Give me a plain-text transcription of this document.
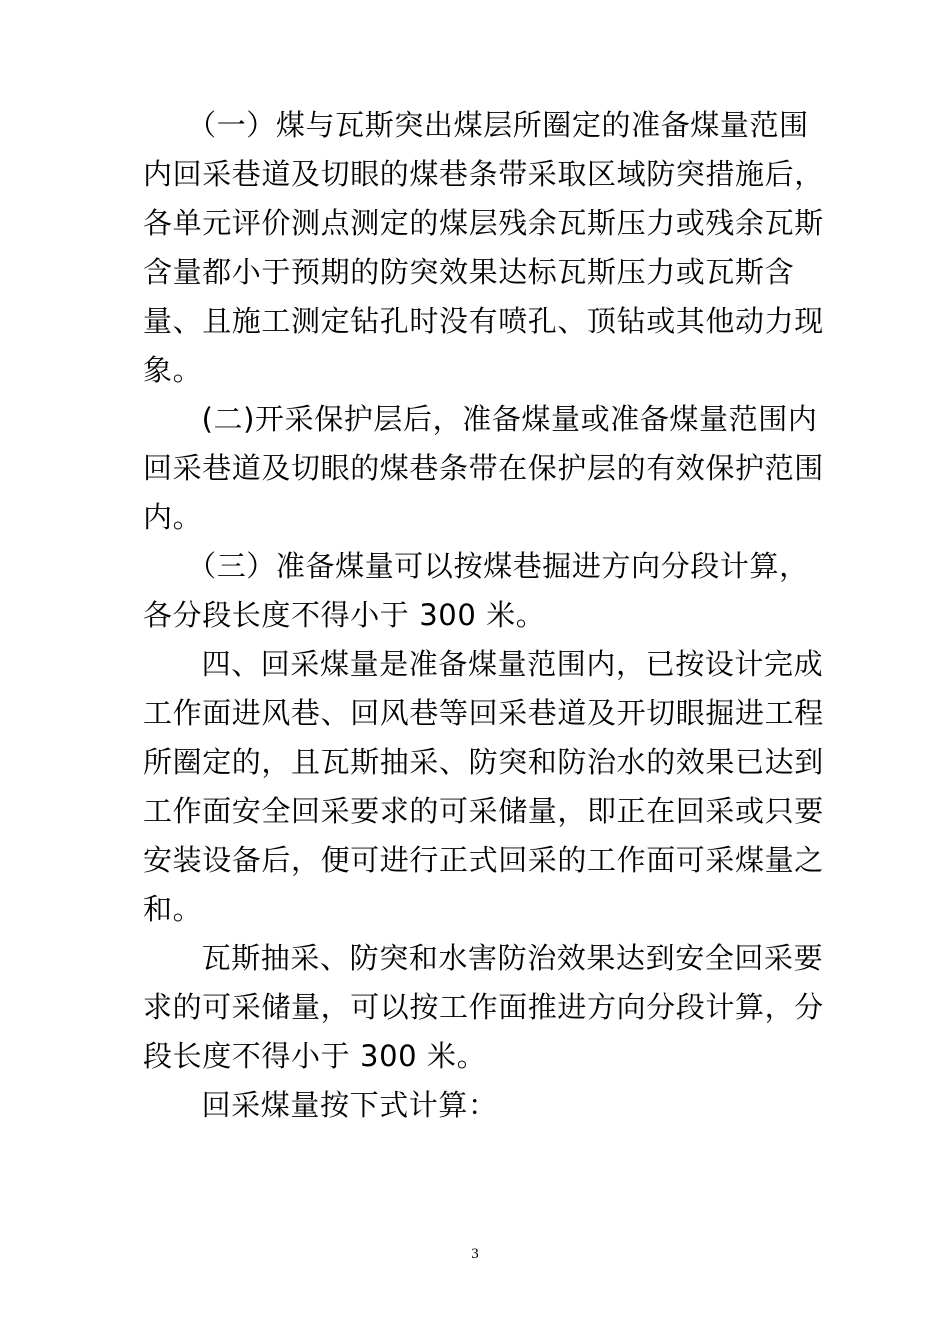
　（一）煤与瓦斯突出煤层所圈定的准备煤量范围
内回采巷道及切眼的煤巷条带采取区域防突措施后，
各单元评价测点测定的煤层残余瓦斯压力或残余瓦斯
含量都小于预期的防突效果达标瓦斯压力或瓦斯含
量、且施工测定钻孔时没有喷孔、顶钻或其他动力现
象。
　(二)开采保护层后，准备煤量或准备煤量范围内
回采巷道及切眼的煤巷条带在保护层的有效保护范围
内。
　（三）准备煤量可以按煤巷掘进方向分段计算，
各分段长度不得小于 300 米。
　四、回采煤量是准备煤量范围内，已按设计完成
工作面进风巷、回风巷等回采巷道及开切眼掘进工程
所圈定的，且瓦斯抽采、防突和防治水的效果已达到
工作面安全回采要求的可采储量，即正在回采或只要
安装设备后，便可进行正式回采的工作面可采煤量之
和。
　瓦斯抽采、防突和水害防治效果达到安全回采要
求的可采储量，可以按工作面推进方向分段计算，分
段长度不得小于 300 米。
　回采煤量按下式计算：
3
